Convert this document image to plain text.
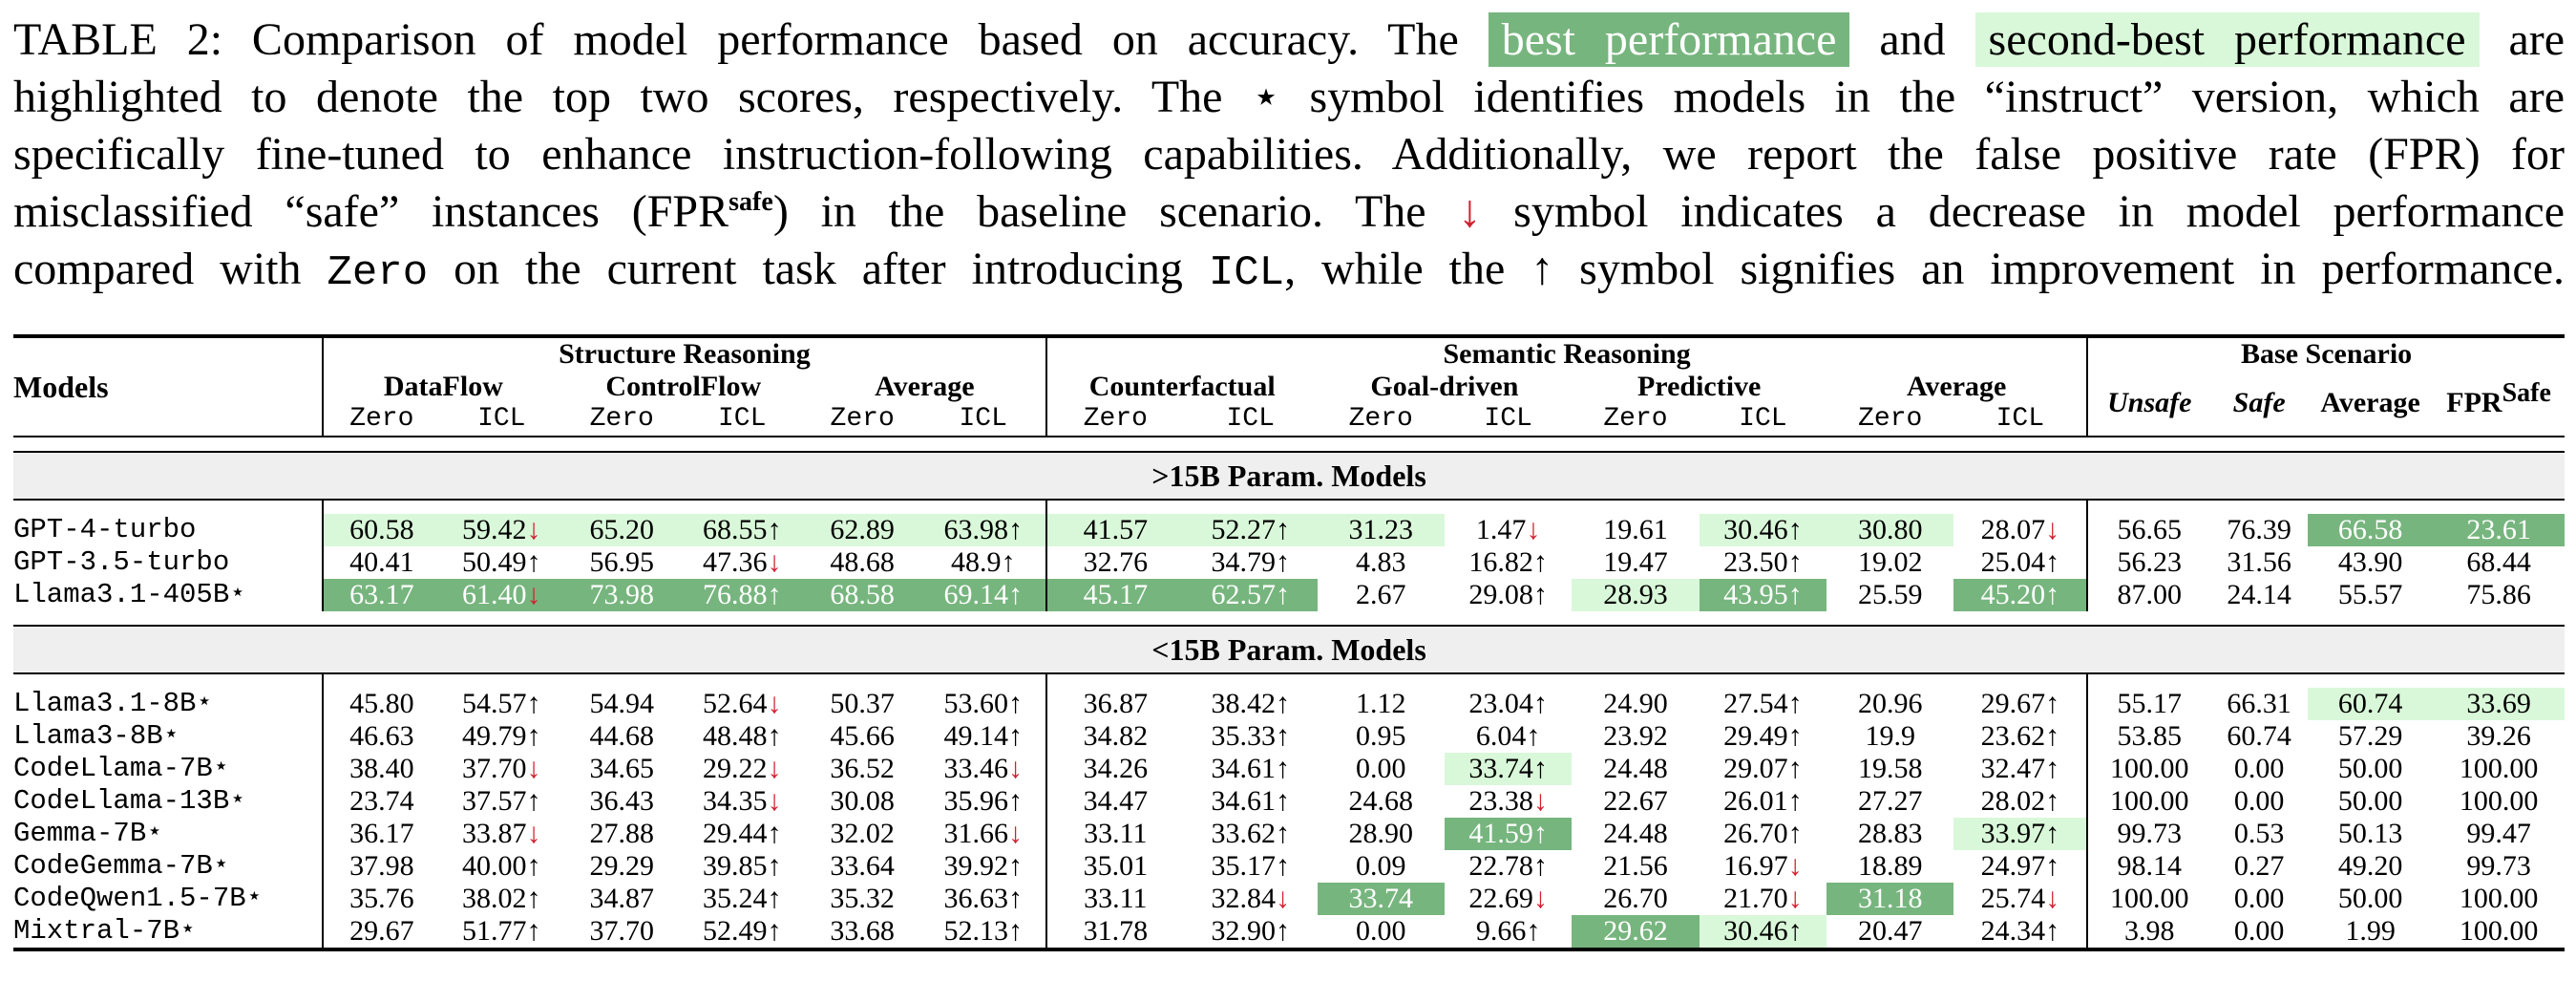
TABLE 2: Comparison of model performance based on accuracy. The best performance and second-best performance are
highlighted to denote the top two scores, respectively. The ⋆ symbol identifies models in the “instruct” version, which are
specifically fine-tuned to enhance instruction-following capabilities. Additionally, we report the false positive rate (FPR) for
misclassified “safe” instances $(FPR^{safe})$ in the baseline scenario. The ↓ symbol indicates a decrease in model performance
compared with Zero on the current task after introducing ICL, while the ↑ symbol signifies an improvement in performance.
Models	Structure Reasoning						Semantic Reasoning								Base Scenario			
	DataFlow		ControlFlow		Average		Counterfactual		Goal-driven		Predictive		Average		Unsafe	Safe	Average	$FPR^{Safe}$
	Zero	ICL	Zero	ICL	Zero	ICL	Zero	ICL	Zero	ICL	Zero	ICL	Zero	ICL				

>15B Param. Models																		

GPT-4-turbo	60.58	59.42↓	65.20	68.55↑	62.89	63.98↑	41.57	52.27↑	31.23	1.47↓	19.61	30.46↑	30.80	28.07↓	56.65	76.39	66.58	23.61
GPT-3.5-turbo	40.41	50.49↑	56.95	47.36↓	48.68	48.9↑	32.76	34.79↑	4.83	16.82↑	19.47	23.50↑	19.02	25.04↑	56.23	31.56	43.90	68.44
Llama3.1-405B⋆	63.17	61.40↓	73.98	76.88↑	68.58	69.14↑	45.17	62.57↑	2.67	29.08↑	28.93	43.95↑	25.59	45.20↑	87.00	24.14	55.57	75.86

<15B Param. Models																		

Llama3.1-8B⋆	45.80	54.57↑	54.94	52.64↓	50.37	53.60↑	36.87	38.42↑	1.12	23.04↑	24.90	27.54↑	20.96	29.67↑	55.17	66.31	60.74	33.69
Llama3-8B⋆	46.63	49.79↑	44.68	48.48↑	45.66	49.14↑	34.82	35.33↑	0.95	6.04↑	23.92	29.49↑	19.9	23.62↑	53.85	60.74	57.29	39.26
CodeLlama-7B⋆	38.40	37.70↓	34.65	29.22↓	36.52	33.46↓	34.26	34.61↑	0.00	33.74↑	24.48	29.07↑	19.58	32.47↑	100.00	0.00	50.00	100.00
CodeLlama-13B⋆	23.74	37.57↑	36.43	34.35↓	30.08	35.96↑	34.47	34.61↑	24.68	23.38↓	22.67	26.01↑	27.27	28.02↑	100.00	0.00	50.00	100.00
Gemma-7B⋆	36.17	33.87↓	27.88	29.44↑	32.02	31.66↓	33.11	33.62↑	28.90	41.59↑	24.48	26.70↑	28.83	33.97↑	99.73	0.53	50.13	99.47
CodeGemma-7B⋆	37.98	40.00↑	29.29	39.85↑	33.64	39.92↑	35.01	35.17↑	0.09	22.78↑	21.56	16.97↓	18.89	24.97↑	98.14	0.27	49.20	99.73
CodeQwen1.5-7B⋆	35.76	38.02↑	34.87	35.24↑	35.32	36.63↑	33.11	32.84↓	33.74	22.69↓	26.70	21.70↓	31.18	25.74↓	100.00	0.00	50.00	100.00
Mixtral-7B⋆	29.67	51.77↑	37.70	52.49↑	33.68	52.13↑	31.78	32.90↑	0.00	9.66↑	29.62	30.46↑	20.47	24.34↑	3.98	0.00	1.99	100.00
